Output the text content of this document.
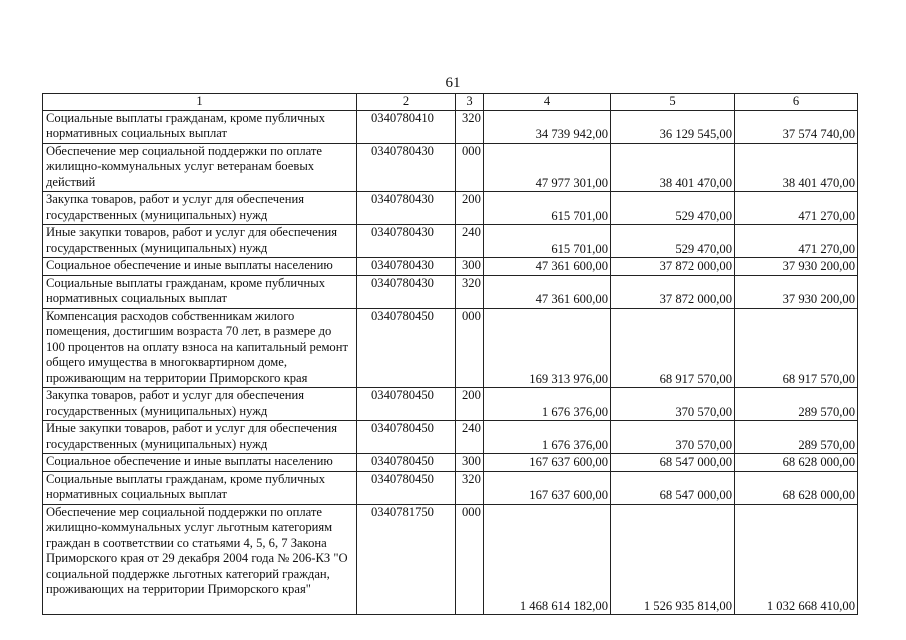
61
1	2	3	4	5	6
Социальные выплаты гражданам, кроме публичных нормативных социальных выплат	0340780410	320	34 739 942,00	36 129 545,00	37 574 740,00
Обеспечение мер социальной поддержки по оплате жилищно-коммунальных услуг ветеранам боевых действий	0340780430	000	47 977 301,00	38 401 470,00	38 401 470,00
Закупка товаров, работ и услуг для обеспечения государственных (муниципальных) нужд	0340780430	200	615 701,00	529 470,00	471 270,00
Иные закупки товаров, работ и услуг для обеспечения государственных (муниципальных) нужд	0340780430	240	615 701,00	529 470,00	471 270,00
Социальное обеспечение и иные выплаты населению	0340780430	300	47 361 600,00	37 872 000,00	37 930 200,00
Социальные выплаты гражданам, кроме публичных нормативных социальных выплат	0340780430	320	47 361 600,00	37 872 000,00	37 930 200,00
Компенсация расходов собственникам жилого помещения, достигшим возраста 70 лет, в размере до 100 процентов на оплату взноса на капитальный ремонт общего имущества в многоквартирном доме, проживающим на территории Приморского края	0340780450	000	169 313 976,00	68 917 570,00	68 917 570,00
Закупка товаров, работ и услуг для обеспечения государственных (муниципальных) нужд	0340780450	200	1 676 376,00	370 570,00	289 570,00
Иные закупки товаров, работ и услуг для обеспечения государственных (муниципальных) нужд	0340780450	240	1 676 376,00	370 570,00	289 570,00
Социальное обеспечение и иные выплаты населению	0340780450	300	167 637 600,00	68 547 000,00	68 628 000,00
Социальные выплаты гражданам, кроме публичных нормативных социальных выплат	0340780450	320	167 637 600,00	68 547 000,00	68 628 000,00
Обеспечение мер социальной поддержки по оплате жилищно-коммунальных услуг льготным категориям граждан в соответствии со статьями 4, 5, 6, 7 Закона Приморского края от 29 декабря 2004 года № 206-КЗ "О социальной поддержке льготных категорий граждан, проживающих на территории Приморского края"	0340781750	000	1 468 614 182,00	1 526 935 814,00	1 032 668 410,00
